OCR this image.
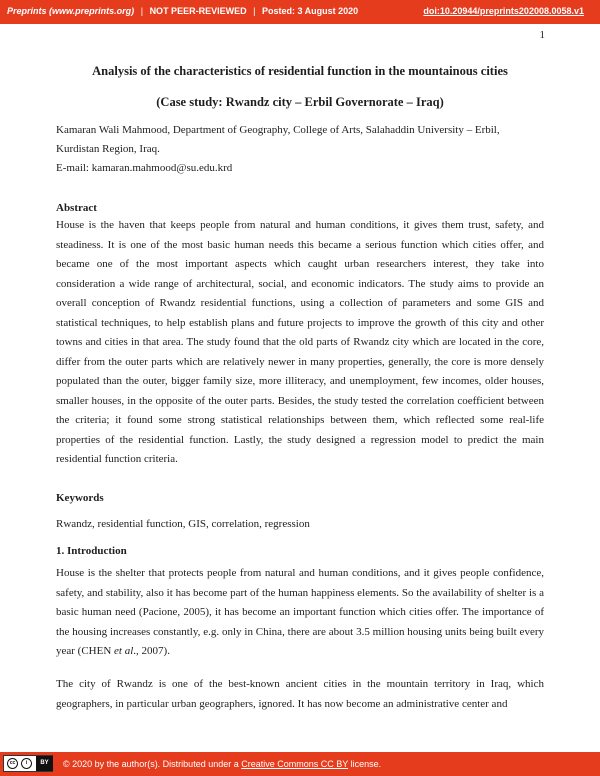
Preprints (www.preprints.org) | NOT PEER-REVIEWED | Posted: 3 August 2020	doi:10.20944/preprints202008.0058.v1
1
Analysis of the characteristics of residential function in the mountainous cities
(Case study: Rwandz city – Erbil Governorate – Iraq)
Kamaran Wali Mahmood, Department of Geography, College of Arts, Salahaddin University – Erbil,
Kurdistan Region, Iraq.
E-mail: kamaran.mahmood@su.edu.krd
Abstract

House is the haven that keeps people from natural and human conditions, it gives them trust, safety, and steadiness. It is one of the most basic human needs this became a serious function which cities offer, and became one of the most important aspects which caught urban researchers interest, they take into consideration a wide range of architectural, social, and economic indicators. The study aims to provide an overall conception of Rwandz residential functions, using a collection of parameters and some GIS and statistical techniques, to help establish plans and future projects to improve the growth of this city and other towns and cities in that area. The study found that the old parts of Rwandz city which are located in the core, differ from the outer parts which are relatively newer in many properties, generally, the core is more densely populated than the outer, bigger family size, more illiteracy, and unemployment, few incomes, older houses, smaller houses, in the opposite of the outer parts. Besides, the study tested the correlation coefficient between the criteria; it found some strong statistical relationships between them, which reflected some real-life properties of the residential function. Lastly, the study designed a regression model to predict the main residential function criteria.

Keywords
Rwandz, residential function, GIS, correlation, regression
1. Introduction

House is the shelter that protects people from natural and human conditions, and it gives people confidence, safety, and stability, also it has become part of the human happiness elements. So the availability of shelter is a basic human need (Pacione, 2005), it has become an important function which cities offer. The importance of the housing increases constantly, e.g. only in China, there are about 3.5 million housing units being built every year (CHEN et al., 2007).

The city of Rwandz is one of the best-known ancient cities in the mountain territory in Iraq, which geographers, in particular urban geographers, ignored. It has now become an administrative center and

cc	i	BY	© 2020 by the author(s). Distributed under a Creative Commons CC BY license.
